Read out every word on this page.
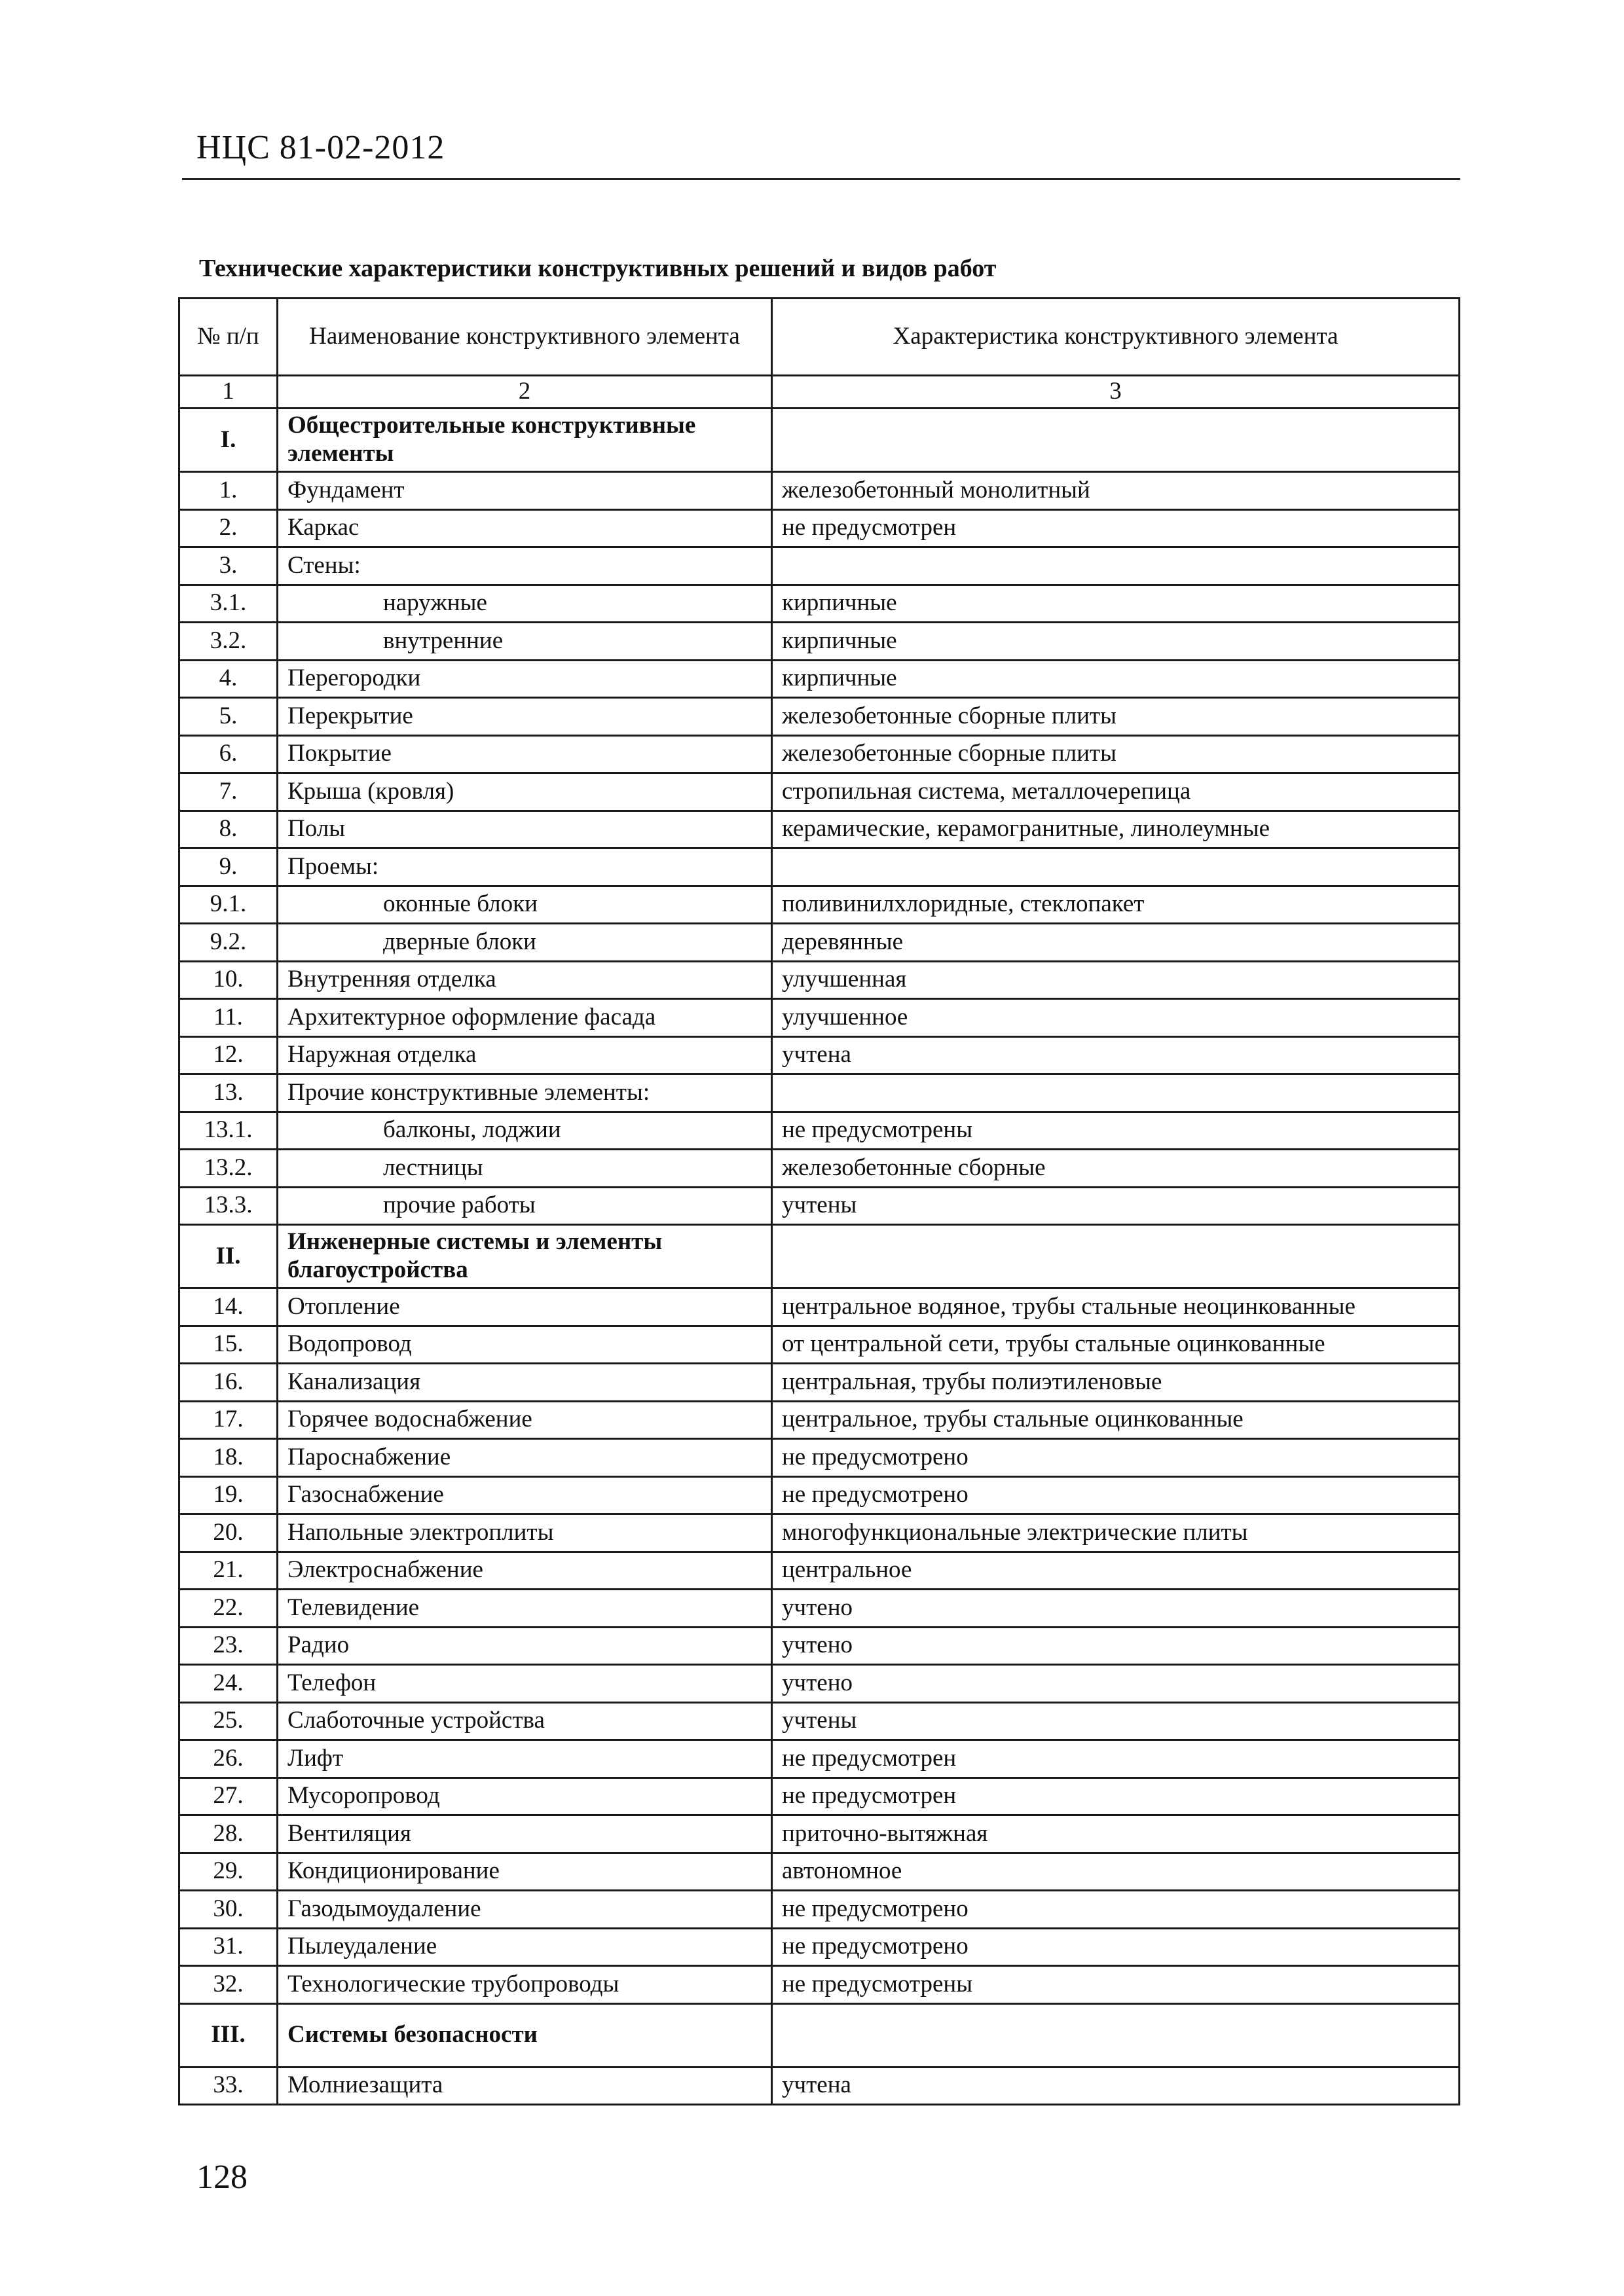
НЦС 81-02-2012
Технические характеристики конструктивных решений и видов работ
№ п/п	Наименование конструктивного элемента	Характеристика конструктивного элемента
1	2	3
I.	Общестроительные конструктивные элементы	
1.	Фундамент	железобетонный монолитный
2.	Каркас	не предусмотрен
3.	Стены:	
3.1.	наружные	кирпичные
3.2.	внутренние	кирпичные
4.	Перегородки	кирпичные
5.	Перекрытие	железобетонные сборные плиты
6.	Покрытие	железобетонные сборные плиты
7.	Крыша (кровля)	стропильная система, металлочерепица
8.	Полы	керамические, керамогранитные, линолеумные
9.	Проемы:	
9.1.	оконные блоки	поливинилхлоридные, стеклопакет
9.2.	дверные блоки	деревянные
10.	Внутренняя отделка	улучшенная
11.	Архитектурное оформление фасада	улучшенное
12.	Наружная отделка	учтена
13.	Прочие конструктивные элементы:	
13.1.	балконы, лоджии	не предусмотрены
13.2.	лестницы	железобетонные сборные
13.3.	прочие работы	учтены
II.	Инженерные системы и элементы благоустройства	
14.	Отопление	центральное водяное, трубы стальные неоцинкованные
15.	Водопровод	от центральной сети, трубы стальные оцинкованные
16.	Канализация	центральная, трубы полиэтиленовые
17.	Горячее водоснабжение	центральное, трубы стальные оцинкованные
18.	Пароснабжение	не предусмотрено
19.	Газоснабжение	не предусмотрено
20.	Напольные электроплиты	многофункциональные электрические плиты
21.	Электроснабжение	центральное
22.	Телевидение	учтено
23.	Радио	учтено
24.	Телефон	учтено
25.	Слаботочные устройства	учтены
26.	Лифт	не предусмотрен
27.	Мусоропровод	не предусмотрен
28.	Вентиляция	приточно-вытяжная
29.	Кондиционирование	автономное
30.	Газодымоудаление	не предусмотрено
31.	Пылеудаление	не предусмотрено
32.	Технологические трубопроводы	не предусмотрены
III.	Системы безопасности	
33.	Молниезащита	учтена
128
